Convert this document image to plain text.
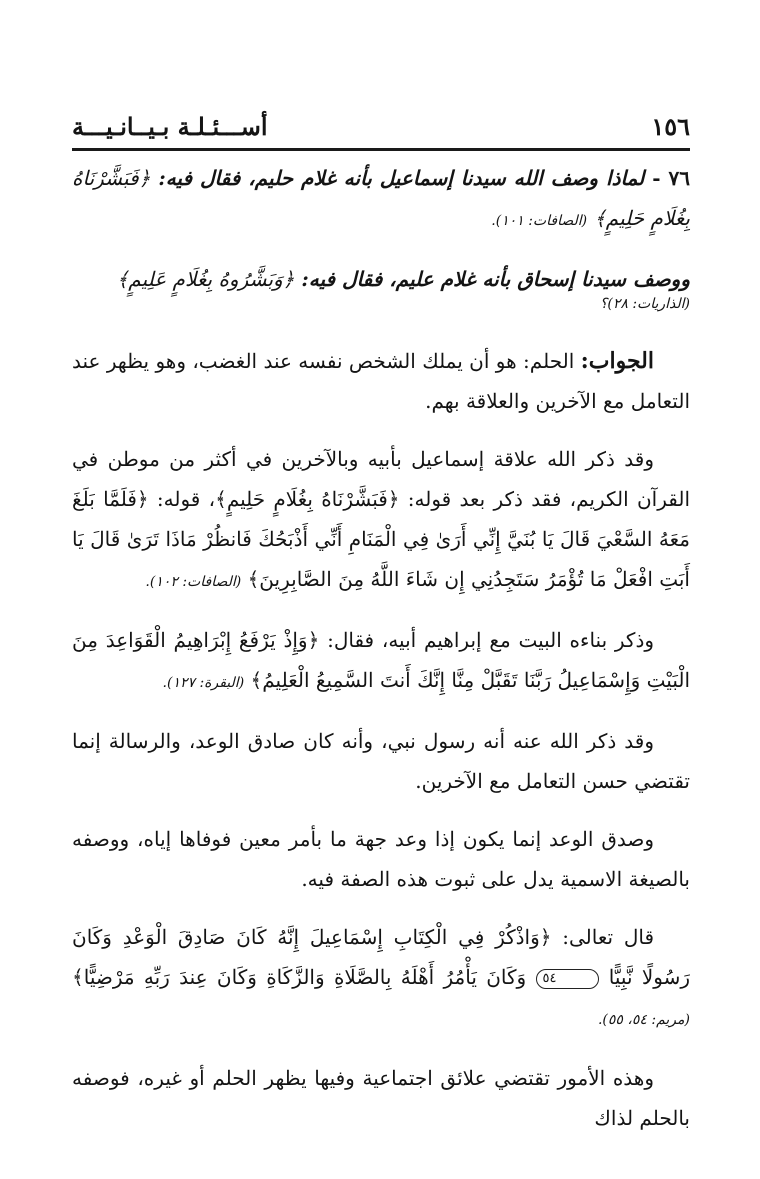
١٥٦
أســـئـلـة بـيــانـيـــة

٧٦ - لماذا وصف الله سيدنا إسماعيل بأنه غلام حليم، فقال فيه: ﴿فَبَشَّرْنَاهُ بِغُلَامٍ حَلِيمٍ﴾ (الصافات: ١٠١).

ووصف سيدنا إسحاق بأنه غلام عليم، فقال فيه: ﴿وَبَشَّرُوهُ بِغُلَامٍ عَلِيمٍ﴾

(الذاريات: ٢٨)؟

الجواب: الحلم: هو أن يملك الشخص نفسه عند الغضب، وهو يظهر عند التعامل مع الآخرين والعلاقة بهم.

وقد ذكر الله علاقة إسماعيل بأبيه وبالآخرين في أكثر من موطن في القرآن الكريم، فقد ذكر بعد قوله: ﴿فَبَشَّرْنَاهُ بِغُلَامٍ حَلِيمٍ﴾، قوله: ﴿فَلَمَّا بَلَغَ مَعَهُ السَّعْيَ قَالَ يَا بُنَيَّ إِنِّي أَرَىٰ فِي الْمَنَامِ أَنِّي أَذْبَحُكَ فَانظُرْ مَاذَا تَرَىٰ قَالَ يَا أَبَتِ افْعَلْ مَا تُؤْمَرُ سَتَجِدُنِي إِن شَاءَ اللَّهُ مِنَ الصَّابِرِينَ﴾ (الصافات: ١٠٢).

وذكر بناءه البيت مع إبراهيم أبيه، فقال: ﴿وَإِذْ يَرْفَعُ إِبْرَاهِيمُ الْقَوَاعِدَ مِنَ الْبَيْتِ وَإِسْمَاعِيلُ رَبَّنَا تَقَبَّلْ مِنَّا إِنَّكَ أَنتَ السَّمِيعُ الْعَلِيمُ﴾ (البقرة: ١٢٧).

وقد ذكر الله عنه أنه رسول نبي، وأنه كان صادق الوعد، والرسالة إنما تقتضي حسن التعامل مع الآخرين.

وصدق الوعد إنما يكون إذا وعد جهة ما بأمر معين فوفاها إياه، ووصفه بالصيغة الاسمية يدل على ثبوت هذه الصفة فيه.

قال تعالى: ﴿وَاذْكُرْ فِي الْكِتَابِ إِسْمَاعِيلَ إِنَّهُ كَانَ صَادِقَ الْوَعْدِ وَكَانَ رَسُولًا نَّبِيًّا ٥٤ وَكَانَ يَأْمُرُ أَهْلَهُ بِالصَّلَاةِ وَالزَّكَاةِ وَكَانَ عِندَ رَبِّهِ مَرْضِيًّا﴾ (مريم: ٥٤، ٥٥).

وهذه الأمور تقتضي علائق اجتماعية وفيها يظهر الحلم أو غيره، فوصفه بالحلم لذاك
